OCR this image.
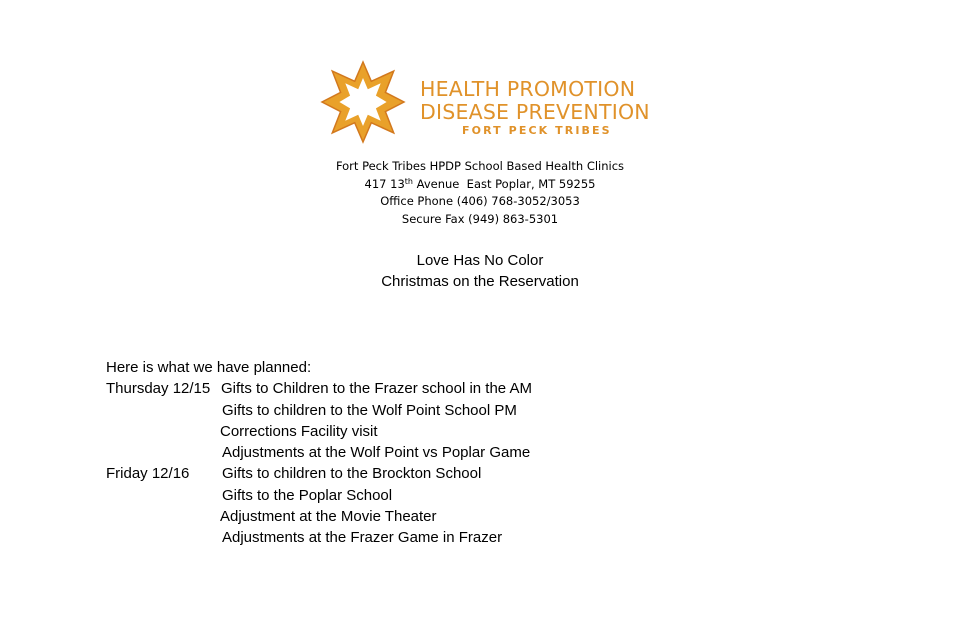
HEALTH PROMOTION
DISEASE PREVENTION
FORT PECK TRIBES
Fort Peck Tribes HPDP School Based Health Clinics
417 13th Avenue  East Poplar, MT 59255
Office Phone (406) 768-3052/3053
Secure Fax (949) 863-5301
Love Has No Color
Christmas on the Reservation
Here is what we have planned:
Thursday 12/15 Gifts to Children to the Frazer school in the AM
Gifts to children to the Wolf Point School PM
Corrections Facility visit
Adjustments at the Wolf Point vs Poplar Game
Friday 12/16 Gifts to children to the Brockton School
Gifts to the Poplar School
Adjustment at the Movie Theater
Adjustments at the Frazer Game in Frazer
